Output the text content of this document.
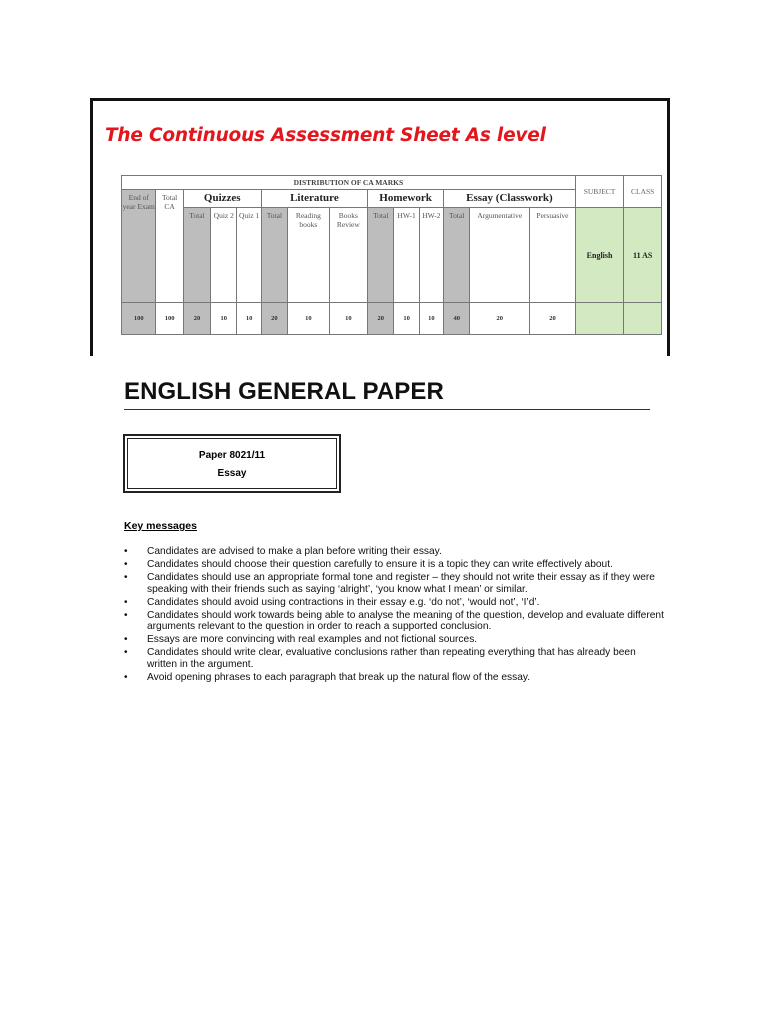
The Continuous Assessment Sheet As level
DISTRIBUTION OF CA MARKS														SUBJECT	CLASS
End of year Exam	Total CA	Quizzes			Literature			Homework			Essay (Classwork)				
		Total	Quiz 2	Quiz 1	Total	Reading books	Books Review	Total	HW-1	HW-2	Total	Argumentative	Persuasive	English	11 AS
100	100	20	10	10	20	10	10	20	10	10	40	20	20		
ENGLISH GENERAL PAPER
Paper 8021/11
Essay
Key messages
• Candidates are advised to make a plan before writing their essay.
• Candidates should choose their question carefully to ensure it is a topic they can write effectively about.
• Candidates should use an appropriate formal tone and register – they should not write their essay as if they were speaking with their friends such as saying ‘alright’, ‘you know what I mean’ or similar.
• Candidates should avoid using contractions in their essay e.g. ‘do not’, ‘would not’, ‘I’d’.
• Candidates should work towards being able to analyse the meaning of the question, develop and evaluate different arguments relevant to the question in order to reach a supported conclusion.
• Essays are more convincing with real examples and not fictional sources.
• Candidates should write clear, evaluative conclusions rather than repeating everything that has already been written in the argument.
• Avoid opening phrases to each paragraph that break up the natural flow of the essay.
